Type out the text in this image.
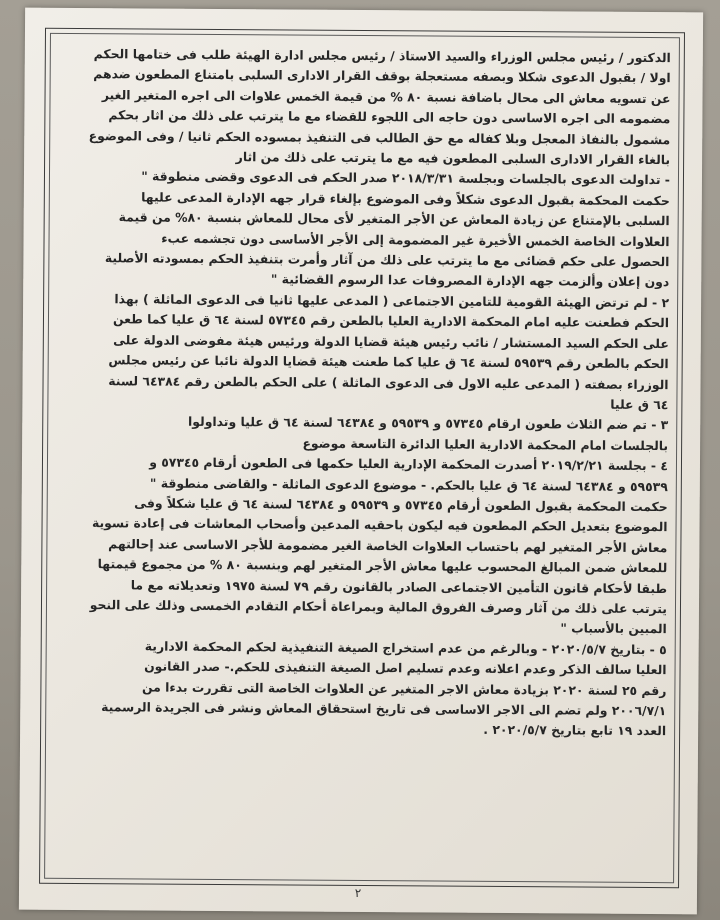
الدكتور / رئيس مجلس الوزراء والسيد الاستاذ / رئيس مجلس ادارة الهيئة طلب فى ختامها الحكم
اولا / بقبول الدعوى شكلا وبصفه مستعجلة بوقف القرار الادارى السلبى بامتناع المطعون ضدهم
عن تسويه معاش الى محال باضافة نسبة ٨٠ % من قيمة الخمس علاوات الى اجره المتغير الغير
مضمومه الى اجره الاساسى دون حاجه الى اللجوء للقضاء مع ما يترتب على ذلك من اثار بحكم
مشمول بالنفاذ المعجل وبلا كفاله مع حق الطالب فى التنفيذ بمسوده الحكم ثانيا / وفى الموضوع
بالغاء القرار الادارى السلبى المطعون فيه مع ما يترتب على ذلك من اثار

- تداولت الدعوى بالجلسات وبجلسة ٢٠١٨/٣/٣١ صدر الحكم فى الدعوى وقضى منطوقة "
حكمت المحكمة بقبول الدعوى شكلاً وفى الموضوع بإلغاء قرار جهه الإدارة المدعى عليها
السلبى بالإمتناع عن زيادة المعاش عن الأجر المتغير لأى محال للمعاش بنسبة ٨٠% من قيمة
العلاوات الخاصة الخمس الأخيرة غير المضمومة إلى الأجر الأساسى دون تجشمه عبء
الحصول على حكم قضائى مع ما يترتب على ذلك من آثار وأمرت بتنفيذ الحكم بمسودته الأصلية
دون إعلان وألزمت جهه الإدارة المصروفات عدا الرسوم القضائية "

٢ - لم ترتض الهيئة القومية للتامين الاجتماعى ( المدعى عليها ثانيا فى الدعوى الماثلة ) بهذا
الحكم فطعنت عليه امام المحكمة الادارية العليا بالطعن رقم ٥٧٣٤٥ لسنة ٦٤ ق عليا كما طعن
على الحكم السيد المستشار / نائب رئيس هيئة قضايا الدولة ورئيس هيئة مفوضى الدولة على
الحكم بالطعن رقم ٥٩٥٣٩ لسنة ٦٤ ق عليا كما طعنت هيئة قضايا الدولة نائبا عن رئيس مجلس
الوزراء بصفته ( المدعى عليه الاول فى الدعوى الماثلة ) على الحكم بالطعن رقم ٦٤٣٨٤ لسنة
٦٤ ق عليا

٣ - تم ضم الثلاث طعون ارقام ٥٧٣٤٥ و ٥٩٥٣٩ و ٦٤٣٨٤ لسنة ٦٤ ق عليا وتداولوا
بالجلسات امام المحكمة الادارية العليا الدائرة التاسعة موضوع

٤ - بجلسة ٢٠١٩/٢/٢١ أصدرت المحكمة الإدارية العليا حكمها فى الطعون أرقام ٥٧٣٤٥ و
٥٩٥٣٩ و ٦٤٣٨٤ لسنة ٦٤ ق عليا بالحكم. - موضوع الدعوى الماثلة - والقاضى منطوقة "
حكمت المحكمة بقبول الطعون أرقام ٥٧٣٤٥ و ٥٩٥٣٩ و ٦٤٣٨٤ لسنة ٦٤ ق عليا شكلاً وفى
الموضوع بتعديل الحكم المطعون فيه ليكون باحقيه المدعين وأصحاب المعاشات فى إعادة تسوية
معاش الأجر المتغير لهم باحتساب العلاوات الخاصة الغير مضمومة للأجر الاساسى عند إحالتهم
للمعاش ضمن المبالغ المحسوب عليها معاش الأجر المتغير لهم وبنسبة ٨٠ % من مجموع قيمتها
طبقا لأحكام قانون التأمين الاجتماعى الصادر بالقانون رقم ٧٩ لسنة ١٩٧٥ وتعديلاته مع ما
يترتب على ذلك من آثار وصرف الفروق المالية وبمراعاة أحكام التقادم الخمسى وذلك على النحو
المبين بالأسباب "

٥ - بتاريخ ٢٠٢٠/٥/٧ - وبالرغم من عدم استخراج الصيغة التنفيذية لحكم المحكمة الادارية
العليا سالف الذكر وعدم اعلانه وعدم تسليم اصل الصيغة التنفيذى للحكم.- صدر القانون
رقم ٢٥ لسنة ٢٠٢٠ بزيادة معاش الاجر المتغير عن العلاوات الخاصة التى تقررت بدءا من
٢٠٠٦/٧/١ ولم تضم الى الاجر الاساسى فى تاريخ استحقاق المعاش ونشر فى الجريدة الرسمية
العدد ١٩ تابع بتاريخ ٢٠٢٠/٥/٧ .

٢
